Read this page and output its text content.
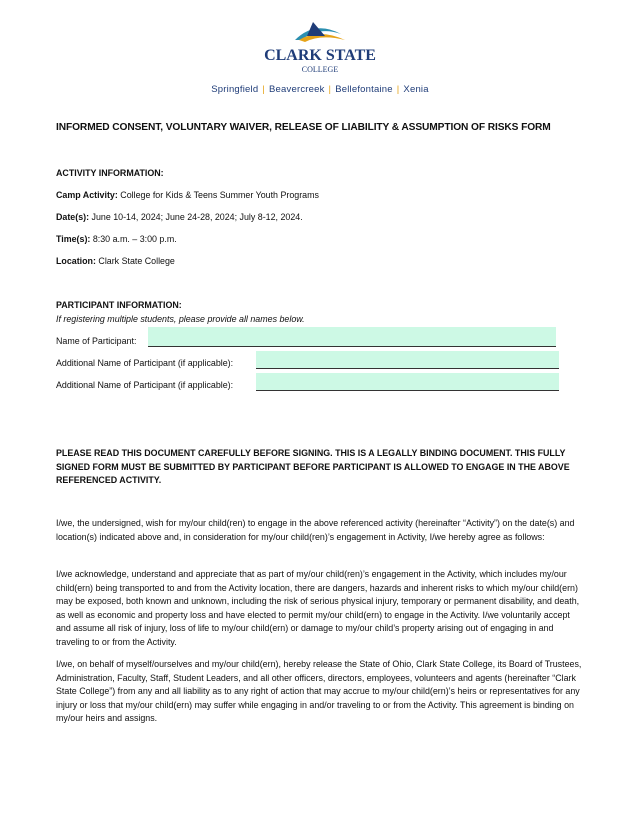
CLARK STATE
COLLEGE
Springfield | Beavercreek | Bellefontaine | Xenia
INFORMED CONSENT, VOLUNTARY WAIVER, RELEASE OF LIABILITY & ASSUMPTION OF RISKS FORM
ACTIVITY INFORMATION:
Camp Activity: College for Kids & Teens Summer Youth Programs
Date(s): June 10-14, 2024; June 24-28, 2024; July 8-12, 2024.
Time(s): 8:30 a.m. – 3:00 p.m.
Location: Clark State College
PARTICIPANT INFORMATION:
If registering multiple students, please provide all names below.
Name of Participant:
Additional Name of Participant (if applicable):
Additional Name of Participant (if applicable):
PLEASE READ THIS DOCUMENT CAREFULLY BEFORE SIGNING. THIS IS A LEGALLY BINDING DOCUMENT. THIS FULLY SIGNED FORM MUST BE SUBMITTED BY PARTICIPANT BEFORE PARTICIPANT IS ALLOWED TO ENGAGE IN THE ABOVE REFERENCED ACTIVITY.
I/we, the undersigned, wish for my/our child(ren) to engage in the above referenced activity (hereinafter “Activity”) on the date(s) and location(s) indicated above and, in consideration for my/our child(ren)’s engagement in Activity, I/we hereby agree as follows:
I/we acknowledge, understand and appreciate that as part of my/our child(ren)’s engagement in the Activity, which includes my/our child(ern) being transported to and from the Activity location, there are dangers, hazards and inherent risks to which my/our child(ern) may be exposed, both known and unknown, including the risk of serious physical injury, temporary or permanent disability, and death, as well as economic and property loss and have elected to permit my/our child(ern) to engage in the Activity. I/we voluntarily accept and assume all risk of injury, loss of life to my/our child(ern) or damage to my/our child’s property arising out of engaging in and traveling to or from the Activity.
I/we, on behalf of myself/ourselves and my/our child(ern), hereby release the State of Ohio, Clark State College, its Board of Trustees, Administration, Faculty, Staff, Student Leaders, and all other officers, directors, employees, volunteers and agents (hereinafter “Clark State College”) from any and all liability as to any right of action that may accrue to my/our child(ern)’s heirs or representatives for any injury or loss that my/our child(ern) may suffer while engaging in and/or traveling to or from the Activity. This agreement is binding on my/our heirs and assigns.
